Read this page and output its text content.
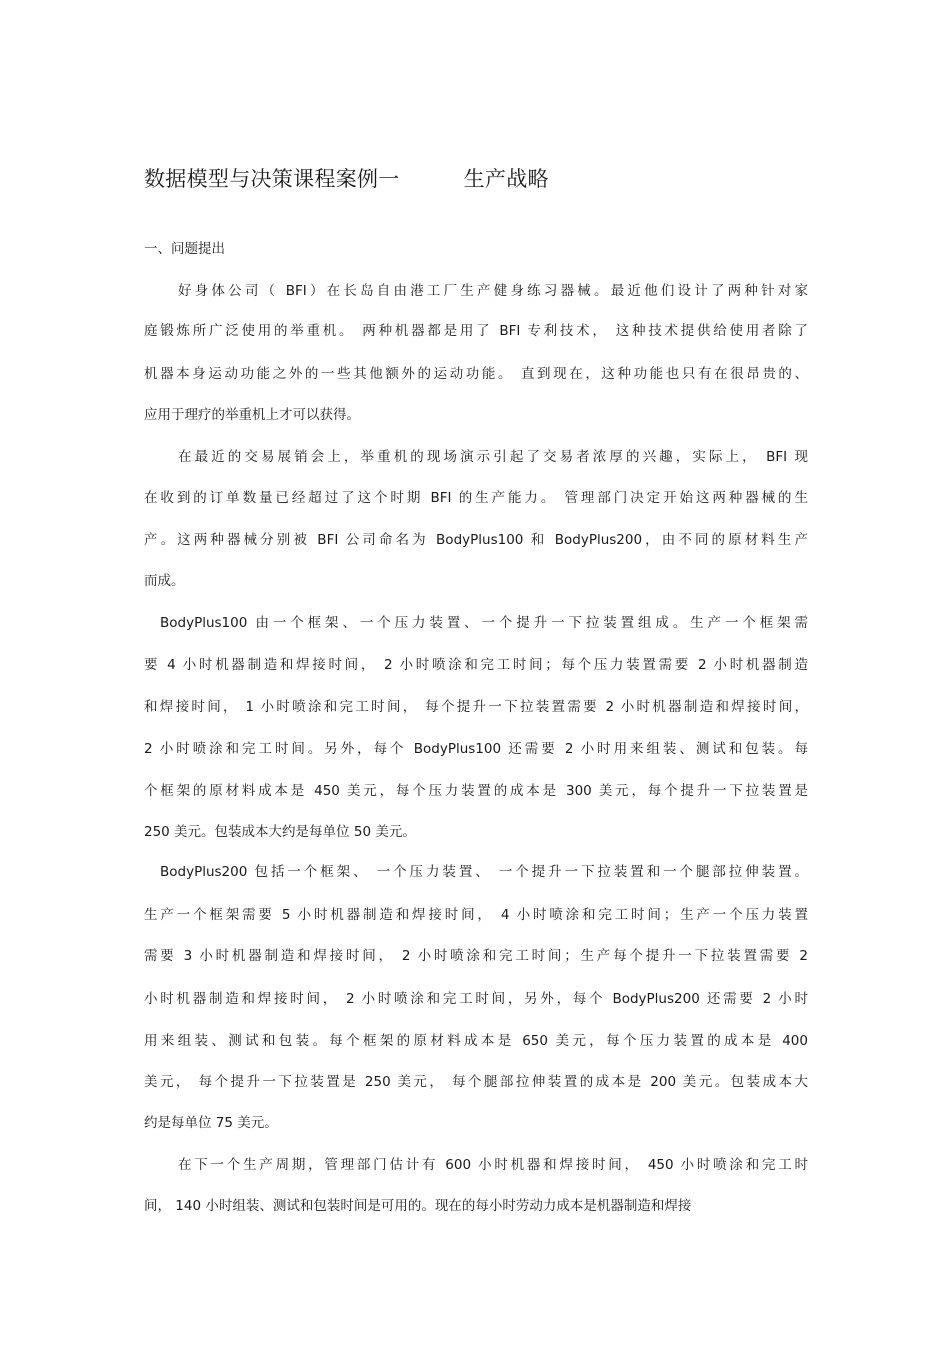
数据模型与决策课程案例一	生产战略
一、问题提出
好身体公司（ BFI）在长岛自由港工厂生产健身练习器械。最近他们设计了两种针对家
庭锻炼所广泛使用的举重机。 两种机器都是用了 BFI 专利技术， 这种技术提供给使用者除了
机器本身运动功能之外的一些其他额外的运动功能。 直到现在，这种功能也只有在很昂贵的、
应用于理疗的举重机上才可以获得。
在最近的交易展销会上，举重机的现场演示引起了交易者浓厚的兴趣，实际上， BFI 现
在收到的订单数量已经超过了这个时期 BFI 的生产能力。 管理部门决定开始这两种器械的生
产。这两种器械分别被 BFI 公司命名为 BodyPlus100 和 BodyPlus200，由不同的原材料生产
而成。
BodyPlus100 由一个框架、一个压力装置、一个提升一下拉装置组成。生产一个框架需
要 4 小时机器制造和焊接时间， 2 小时喷涂和完工时间；每个压力装置需要 2 小时机器制造
和焊接时间， 1 小时喷涂和完工时间， 每个提升一下拉装置需要 2 小时机器制造和焊接时间，
2 小时喷涂和完工时间。另外，每个 BodyPlus100 还需要 2 小时用来组装、测试和包装。每
个框架的原材料成本是 450 美元，每个压力装置的成本是 300 美元，每个提升一下拉装置是
250 美元。包装成本大约是每单位 50 美元。
BodyPlus200 包括一个框架、 一个压力装置、 一个提升一下拉装置和一个腿部拉伸装置。
生产一个框架需要 5 小时机器制造和焊接时间， 4 小时喷涂和完工时间；生产一个压力装置
需要 3 小时机器制造和焊接时间， 2 小时喷涂和完工时间；生产每个提升一下拉装置需要 2
小时机器制造和焊接时间， 2 小时喷涂和完工时间，另外，每个 BodyPlus200 还需要 2 小时
用来组装、测试和包装。每个框架的原材料成本是 650 美元，每个压力装置的成本是 400
美元， 每个提升一下拉装置是 250 美元， 每个腿部拉伸装置的成本是 200 美元。包装成本大
约是每单位 75 美元。
在下一个生产周期，管理部门估计有 600 小时机器和焊接时间， 450 小时喷涂和完工时
间， 140 小时组装、测试和包装时间是可用的。现在的每小时劳动力成本是机器制造和焊接
